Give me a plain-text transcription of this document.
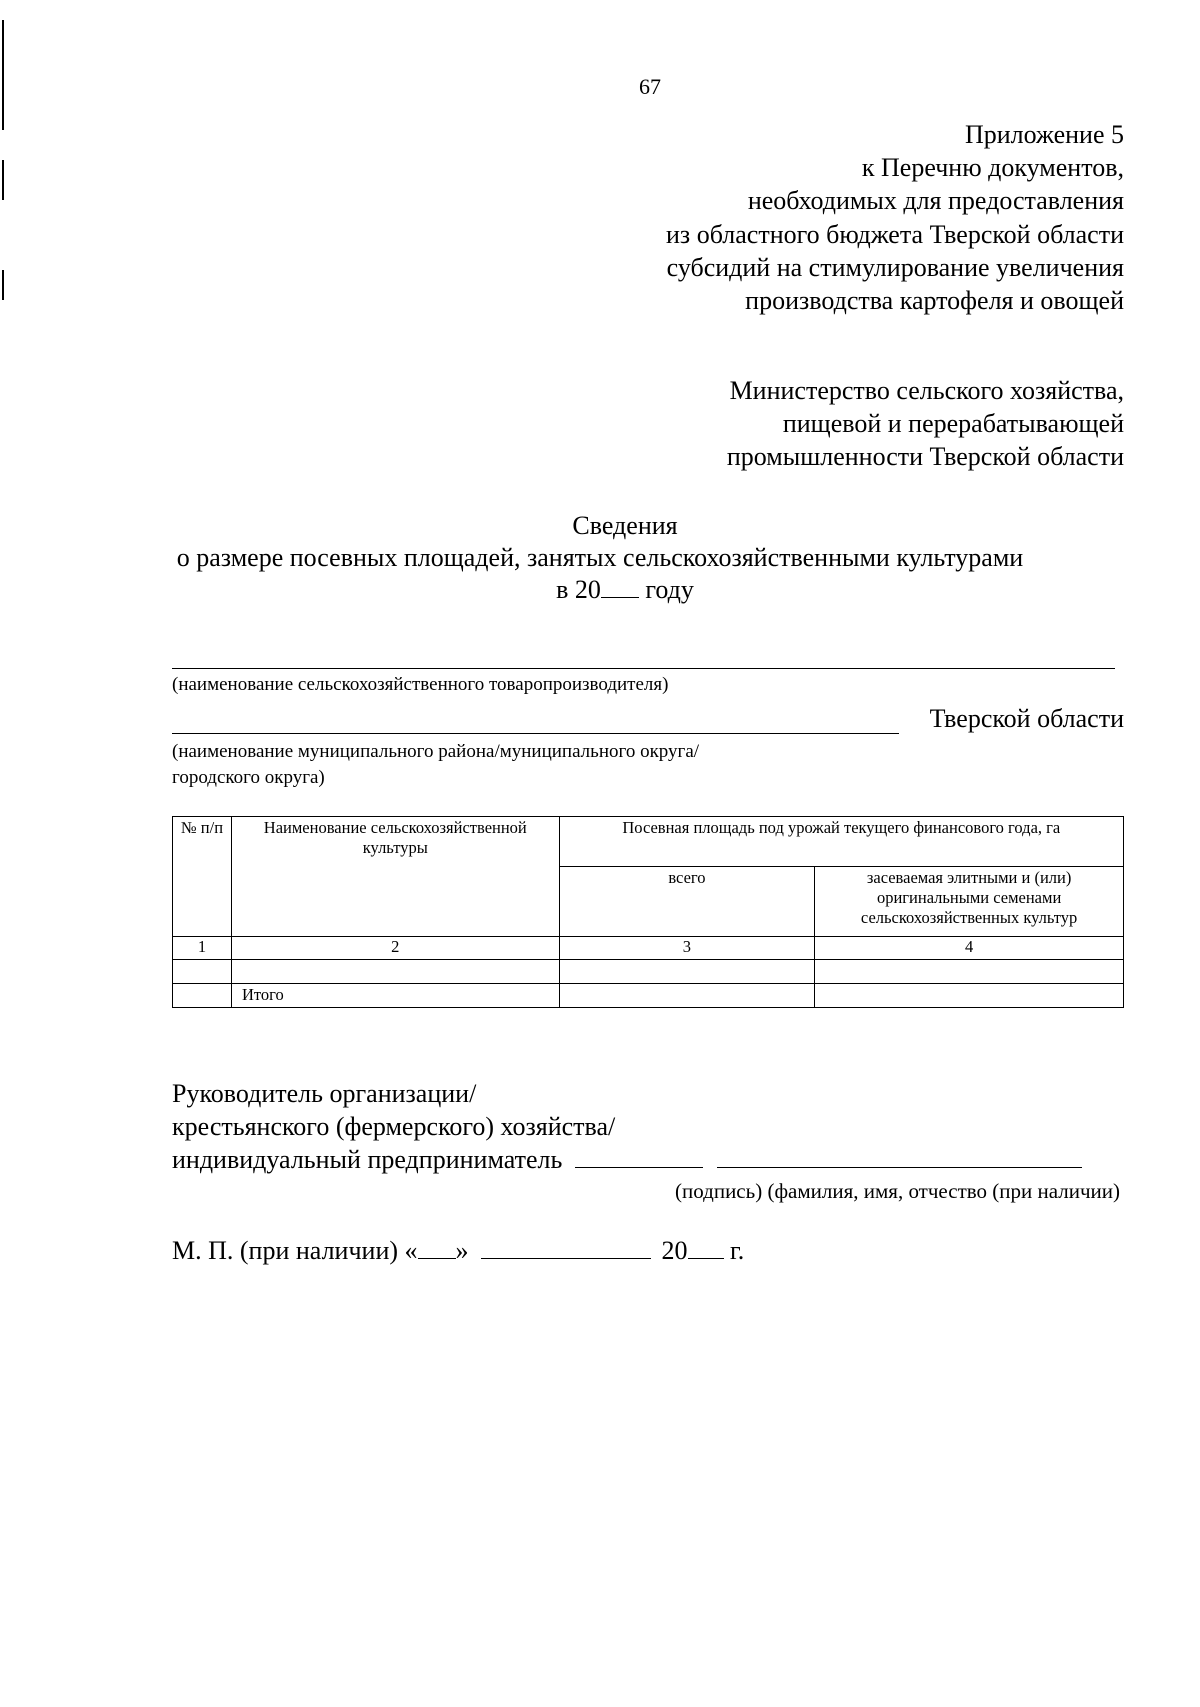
67
Приложение 5
к Перечню документов,
необходимых для предоставления
из областного бюджета Тверской области
субсидий на стимулирование увеличения
производства картофеля и овощей
Министерство сельского хозяйства,
пищевой и перерабатывающей
промышленности Тверской области
Сведения
о размере посевных площадей, занятых сельскохозяйственными культурами
в 20 году
(наименование сельскохозяйственного товаропроизводителя)
Тверской области
(наименование муниципального района/муниципального округа/
городского округа)
№ п/п	Наименование сельскохозяйственной культуры	Посевная площадь под урожай текущего финансового года, га	
		всего	засеваемая элитными и (или) оригинальными семенами сельскохозяйственных культур
1	2	3	4

	Итого		
Руководитель организации/
крестьянского (фермерского) хозяйства/
индивидуальный предприниматель
(подпись) (фамилия, имя, отчество (при наличии)
М. П. (при наличии) « »	20 г.
